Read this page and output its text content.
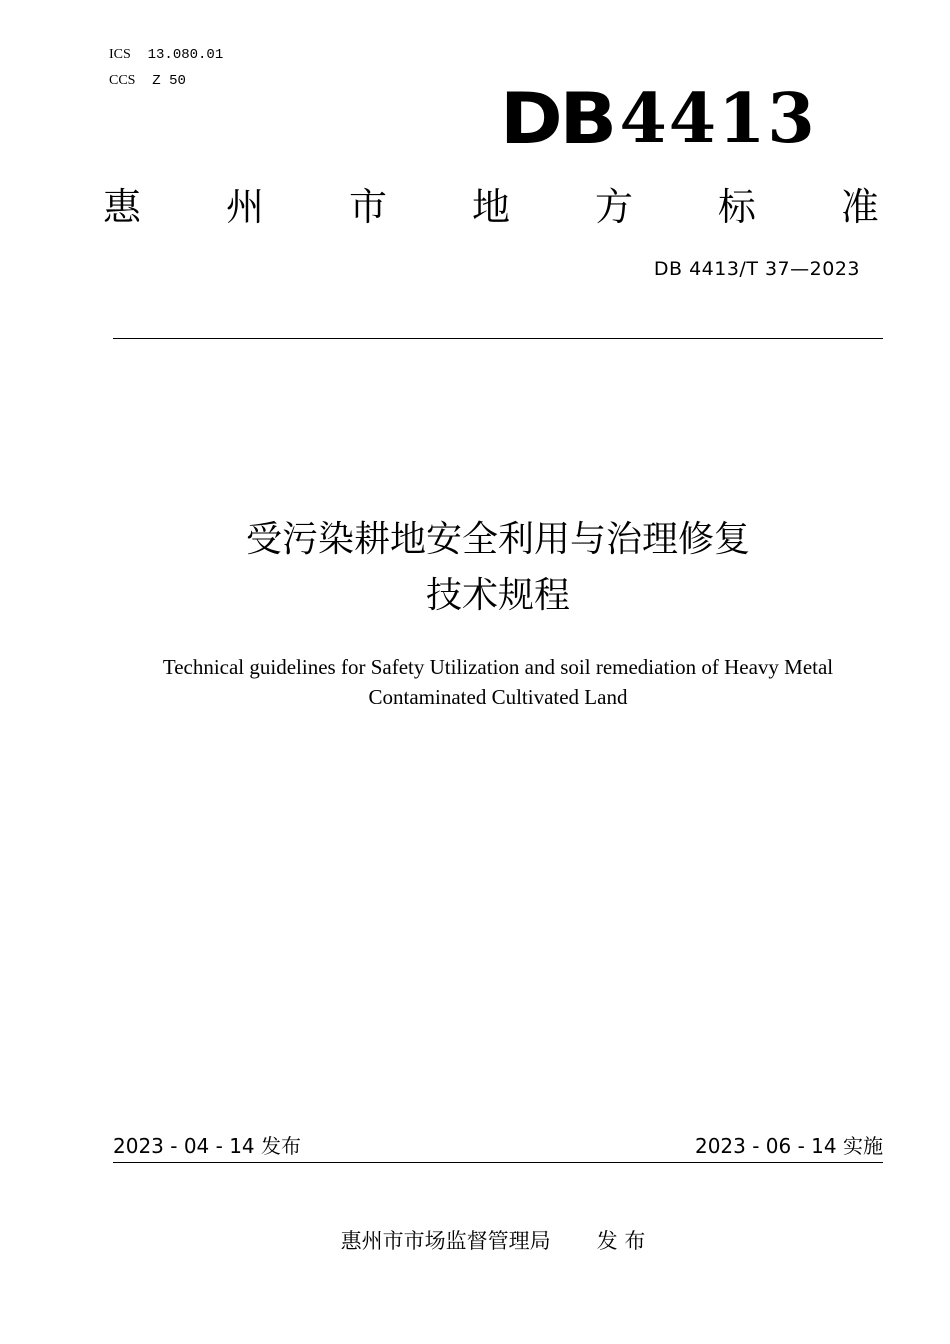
ICS 13.080.01
CCS Z 50	DB 4413
惠 州 市 地 方 标 准
DB 4413/T 37—2023
受污染耕地安全利用与治理修复
技术规程
Technical guidelines for Safety Utilization and soil remediation of Heavy Metal
Contaminated Cultivated Land
2023 - 04 - 14 发布	2023 - 06 - 14 实施
惠州市市场监督管理局 发 布
